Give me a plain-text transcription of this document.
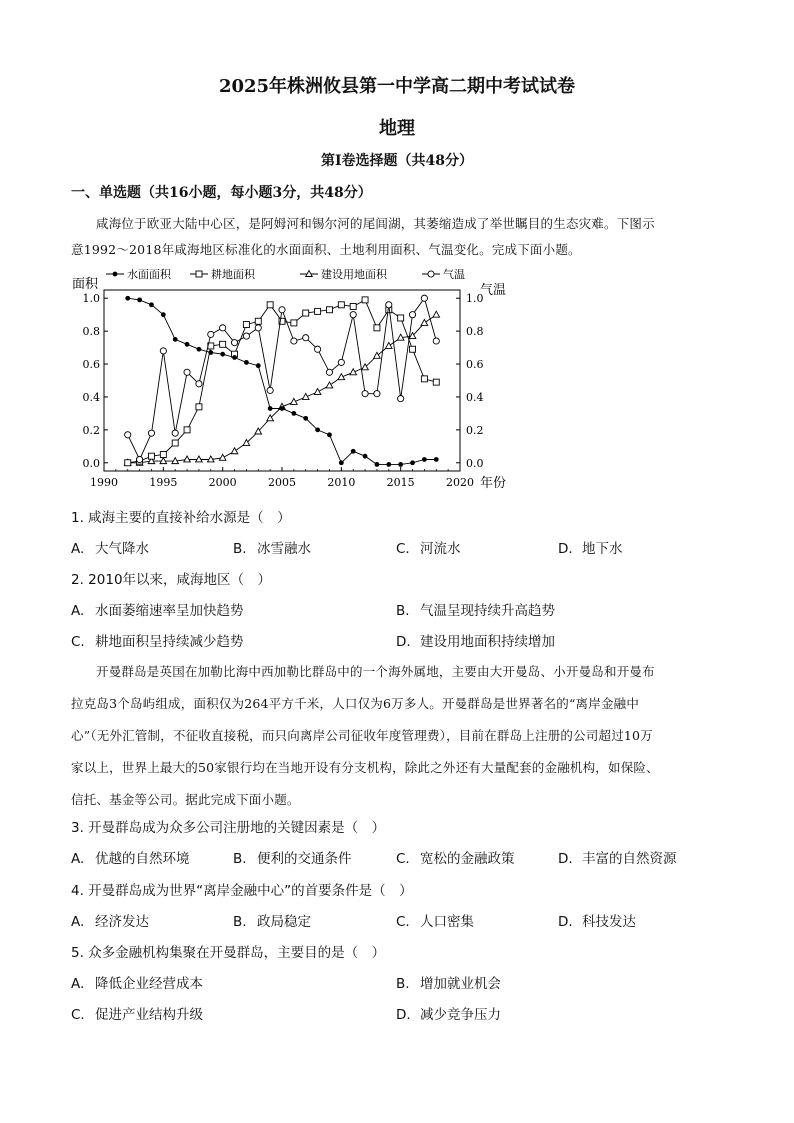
2025年株洲攸县第一中学高二期中考试试卷
地理
第Ⅰ卷选择题（共48分）
一、单选题（共16小题，每小题3分，共48分）
咸海位于欧亚大陆中心区，是阿姆河和锡尔河的尾闾湖，其萎缩造成了举世瞩目的生态灾难。下图示
意1992～2018年咸海地区标准化的水面面积、土地利用面积、气温变化。完成下面小题。
1990	1995	2000	2005	2010	2015	2020
0.0
0.2
0.4
0.6
0.8
1.0
0.0
0.2
0.4
0.6
0.8
1.0
面积	气温
年份
水面面积	耕地面积	建设用地面积	气温
1. 咸海主要的直接补给水源是（　）
A. 大气降水	B. 冰雪融水	C. 河流水	D. 地下水
2. 2010年以来，咸海地区（　）
A. 水面萎缩速率呈加快趋势	B. 气温呈现持续升高趋势
C. 耕地面积呈持续减少趋势	D. 建设用地面积持续增加
开曼群岛是英国在加勒比海中西加勒比群岛中的一个海外属地，主要由大开曼岛、小开曼岛和开曼布
拉克岛3个岛屿组成，面积仅为264平方千米，人口仅为6万多人。开曼群岛是世界著名的“离岸金融中
心”（无外汇管制，不征收直接税，而只向离岸公司征收年度管理费），目前在群岛上注册的公司超过10万
家以上，世界上最大的50家银行均在当地开设有分支机构，除此之外还有大量配套的金融机构，如保险、
信托、基金等公司。据此完成下面小题。
3. 开曼群岛成为众多公司注册地的关键因素是（　）
A. 优越的自然环境	B. 便利的交通条件	C. 宽松的金融政策	D. 丰富的自然资源
4. 开曼群岛成为世界“离岸金融中心”的首要条件是（　）
A. 经济发达	B. 政局稳定	C. 人口密集	D. 科技发达
5. 众多金融机构集聚在开曼群岛，主要目的是（　）
A. 降低企业经营成本	B. 增加就业机会
C. 促进产业结构升级	D. 减少竞争压力
